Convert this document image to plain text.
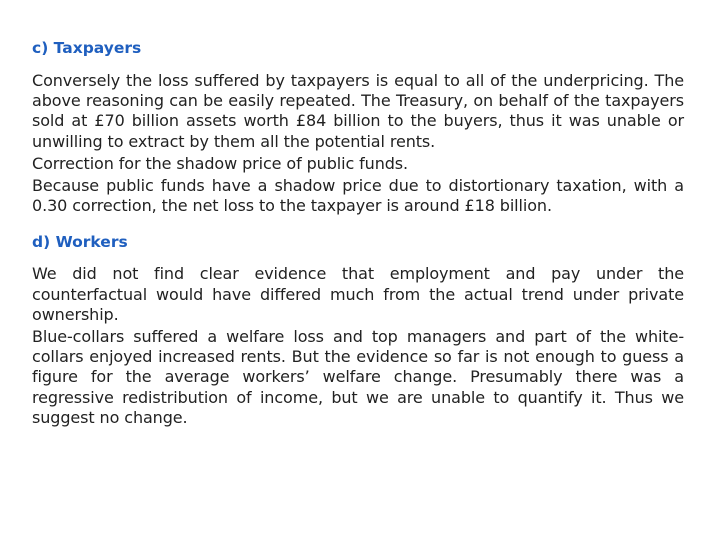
c) Taxpayers

Conversely the loss suffered by taxpayers is equal to all of the underpricing. The above reasoning can be easily repeated. The Treasury, on behalf of the taxpayers sold at £70 billion assets worth £84 billion to the buyers, thus it was unable or unwilling to extract by them all the potential rents.

Correction for the shadow price of public funds.

Because public funds have a shadow price due to distortionary taxation, with a 0.30 correction, the net loss to the taxpayer is around £18 billion.

d) Workers

We did not find clear evidence that employment and pay under the counterfactual would have differed much from the actual trend under private ownership.

Blue-collars suffered a welfare loss and top managers and part of the white-collars enjoyed increased rents. But the evidence so far is not enough to guess a figure for the average workers’ welfare change. Presumably there was a regressive redistribution of income, but we are unable to quantify it. Thus we suggest no change.
